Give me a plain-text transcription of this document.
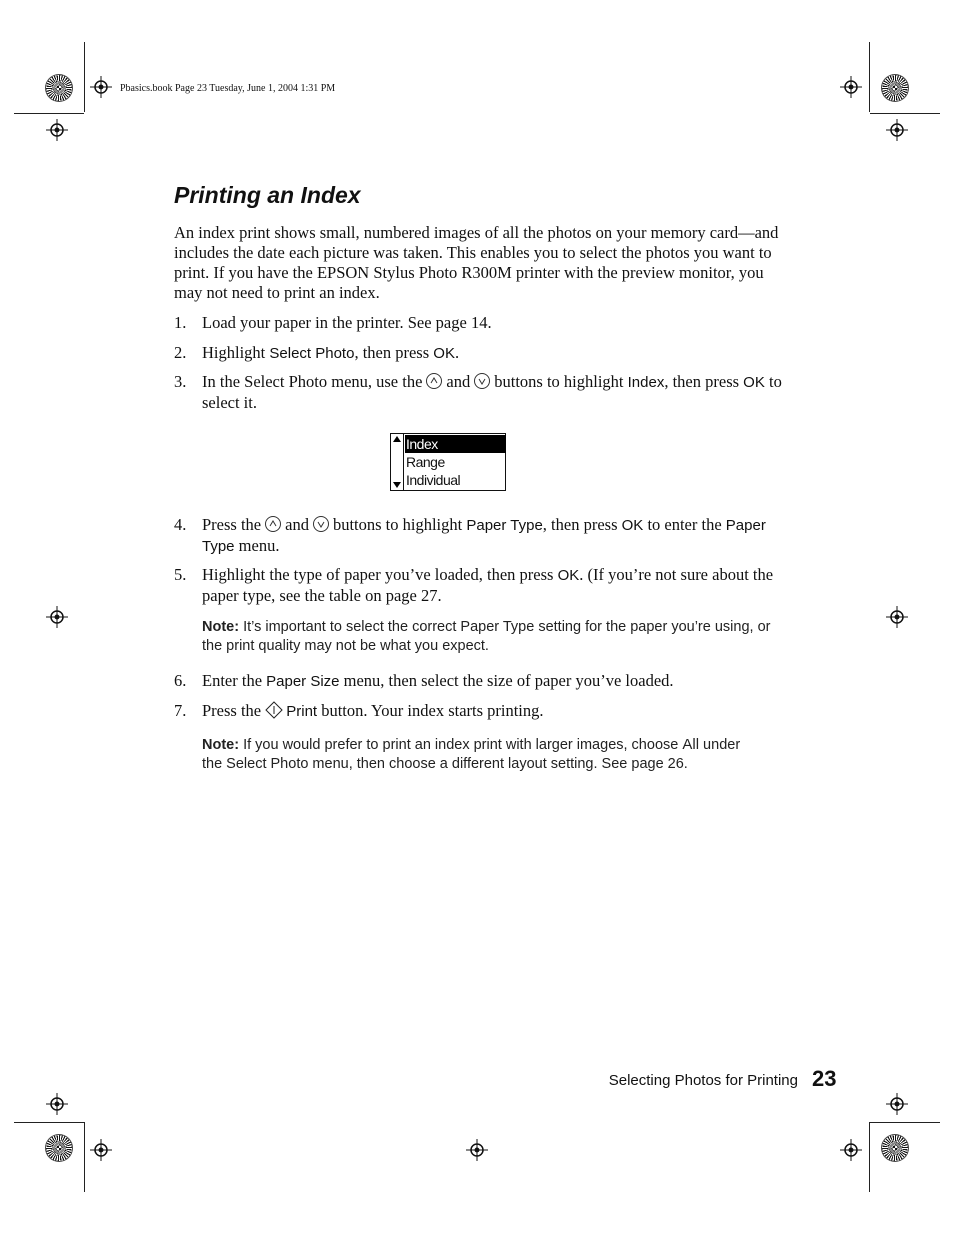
Pbasics.book Page 23 Tuesday, June 1, 2004 1:31 PM
Printing an Index

An index print shows small, numbered images of all the photos on your memory card—and includes the date each picture was taken. This enables you to select the photos you want to print. If you have the EPSON Stylus Photo R300M printer with the preview monitor, you may not need to print an index.

1. Load your paper in the printer. See page 14.
2. Highlight Select Photo, then press OK.
3. In the Select Photo menu, use the and buttons to highlight Index, then press OK to select it.
Index
Range
Individual
4. Press the and buttons to highlight Paper Type, then press OK to enter the Paper Type menu.
5. Highlight the type of paper you’ve loaded, then press OK. (If you’re not sure about the paper type, see the table on page 27.
Note: It’s important to select the correct Paper Type setting for the paper you’re using, or the print quality may not be what you expect.
6. Enter the Paper Size menu, then select the size of paper you’ve loaded.
7. Press the Print button. Your index starts printing.
Note: If you would prefer to print an index print with larger images, choose All under the Select Photo menu, then choose a different layout setting. See page 26.
Selecting Photos for Printing 23
